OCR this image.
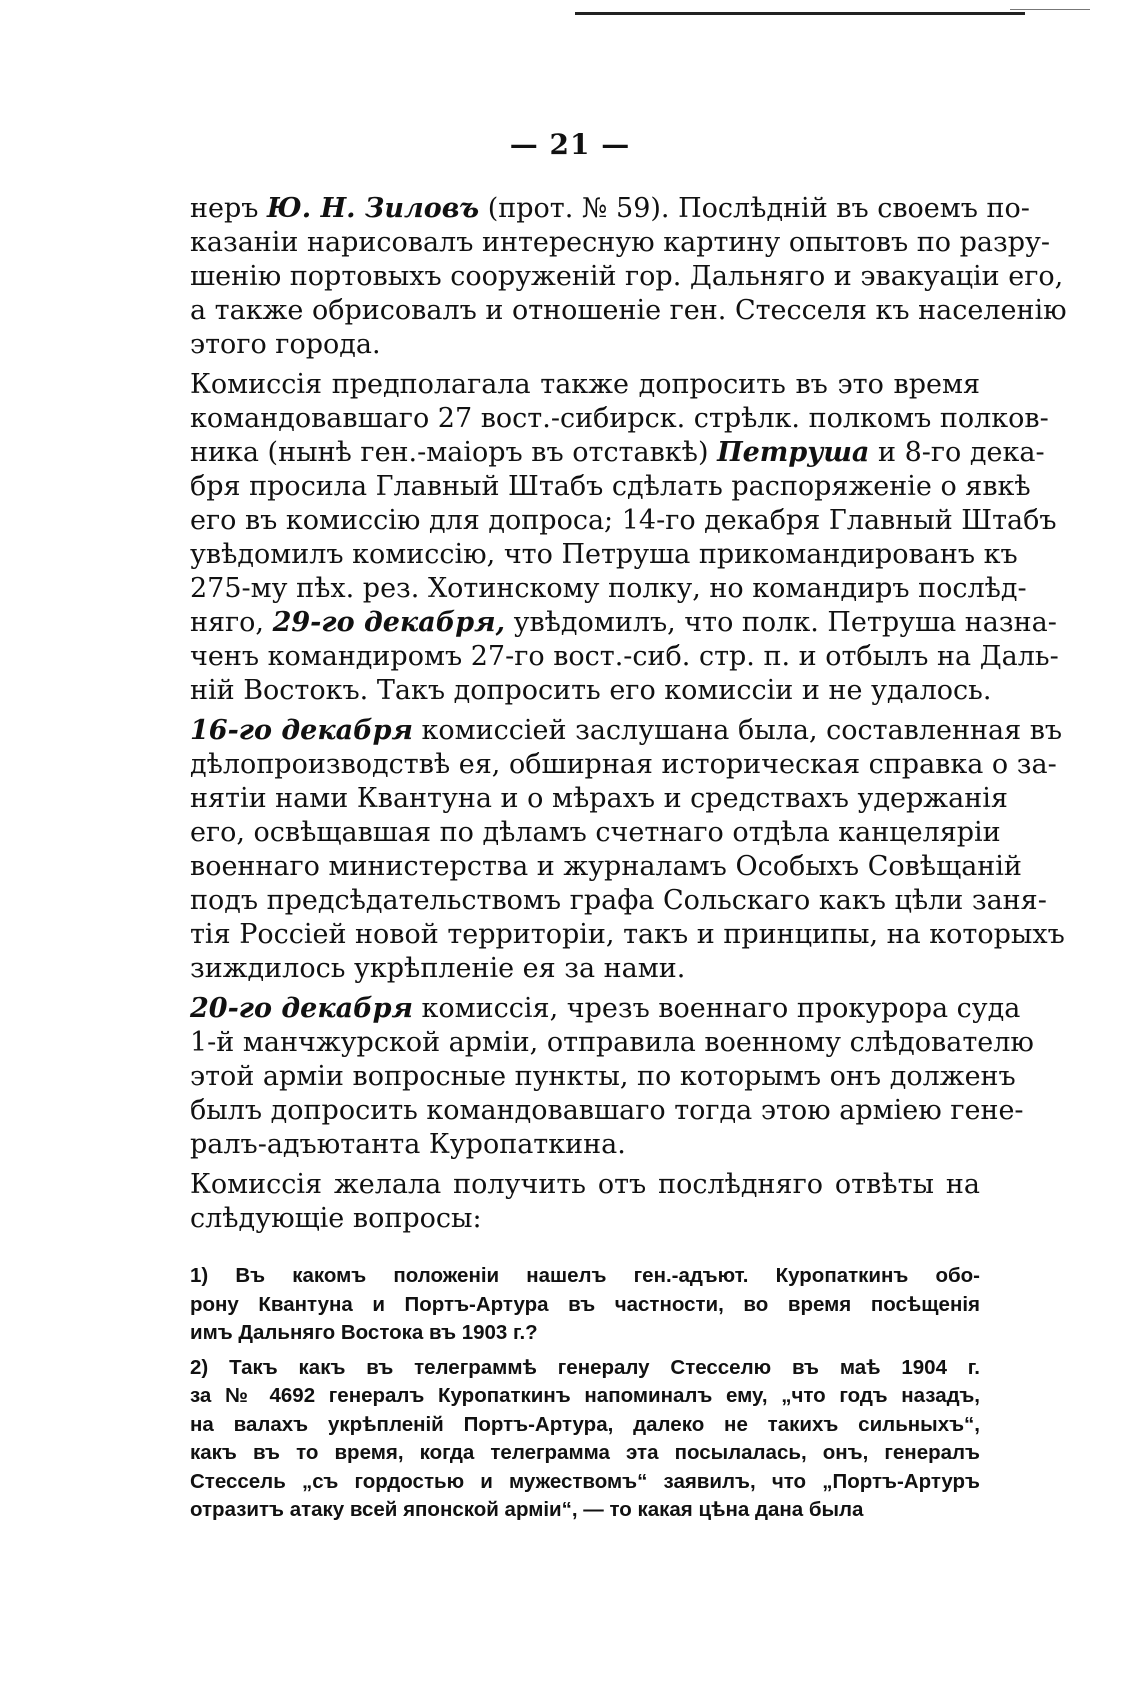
— 21 —
неръ Ю. Н. Зиловъ (прот. № 59). Послѣдній въ своемъ по-
казаніи нарисовалъ интересную картину опытовъ по разру-
шенію портовыхъ сооруженій гор. Дальняго и эвакуаціи его,
а также обрисовалъ и отношеніе ген. Стесселя къ населенію
этого города.
Комиссія предполагала также допросить въ это время
командовавшаго 27 вост.-сибирск. стрѣлк. полкомъ полков-
ника (нынѣ ген.-маіоръ въ отставкѣ) Петруша и 8-го дека-
бря просила Главный Штабъ сдѣлать распоряженіе о явкѣ
его въ комиссію для допроса; 14-го декабря Главный Штабъ
увѣдомилъ комиссію, что Петруша прикомандированъ къ
275-му пѣх. рез. Хотинскому полку, но командиръ послѣд-
няго, 29-го декабря, увѣдомилъ, что полк. Петруша назна-
ченъ командиромъ 27-го вост.-сиб. стр. п. и отбылъ на Даль-
ній Востокъ. Такъ допросить его комиссіи и не удалось.
16-го декабря комиссіей заслушана была, составленная въ
дѣлопроизводствѣ ея, обширная историческая справка о за-
нятіи нами Квантуна и о мѣрахъ и средствахъ удержанія
его, освѣщавшая по дѣламъ счетнаго отдѣла канцеляріи
военнаго министерства и журналамъ Особыхъ Совѣщаній
подъ предсѣдательствомъ графа Сольскаго какъ цѣли заня-
тія Россіей новой территоріи, такъ и принципы, на которыхъ
зиждилось укрѣпленіе ея за нами.
20-го декабря комиссія, чрезъ военнаго прокурора суда
1-й манчжурской арміи, отправила военному слѣдователю
этой арміи вопросные пункты, по которымъ онъ долженъ
былъ допросить командовавшаго тогда этою арміею гене-
ралъ-адъютанта Куропаткина.
Комиссія желала получить отъ послѣдняго отвѣты на
слѣдующіе вопросы:
1) Въ какомъ положеніи нашелъ ген.-адъют. Куропаткинъ обо-
рону Квантуна и Портъ-Артура въ частности, во время посѣщенія
имъ Дальняго Востока въ 1903 г.?
2) Такъ какъ въ телеграммѣ генералу Стесселю въ маѣ 1904 г.
за № 4692 генералъ Куропаткинъ напоминалъ ему, „что годъ назадъ,
на валахъ укрѣпленій Портъ-Артура, далеко не такихъ сильныхъ“,
какъ въ то время, когда телеграмма эта посылалась, онъ, генералъ
Стессель „съ гордостью и мужествомъ“ заявилъ, что „Портъ-Артуръ
отразитъ атаку всей японской арміи“, — то какая цѣна дана была
